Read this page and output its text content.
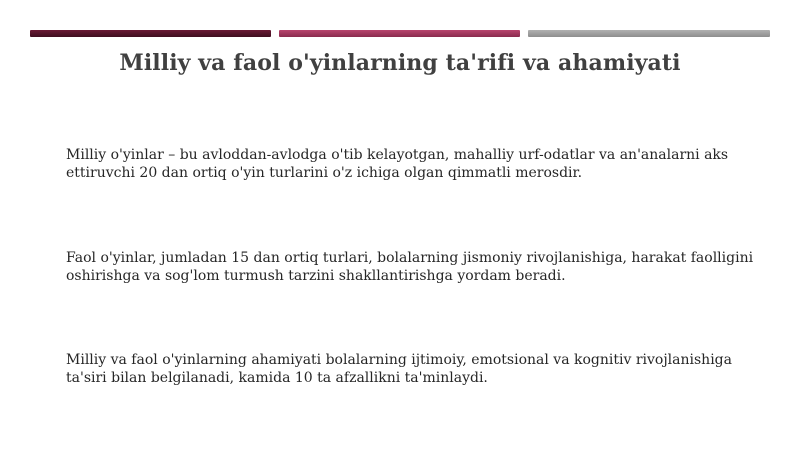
Milliy va faol o'yinlarning ta'rifi va ahamiyati
Milliy o'yinlar – bu avloddan-avlodga o'tib kelayotgan, mahalliy urf-odatlar va an'analarni aks ettiruvchi 20 dan ortiq o'yin turlarini o'z ichiga olgan qimmatli merosdir.
Faol o'yinlar, jumladan 15 dan ortiq turlari, bolalarning jismoniy rivojlanishiga, harakat faolligini oshirishga va sog'lom turmush tarzini shakllantirishga yordam beradi.
Milliy va faol o'yinlarning ahamiyati bolalarning ijtimoiy, emotsional va kognitiv rivojlanishiga ta'siri bilan belgilanadi, kamida 10 ta afzallikni ta'minlaydi.
